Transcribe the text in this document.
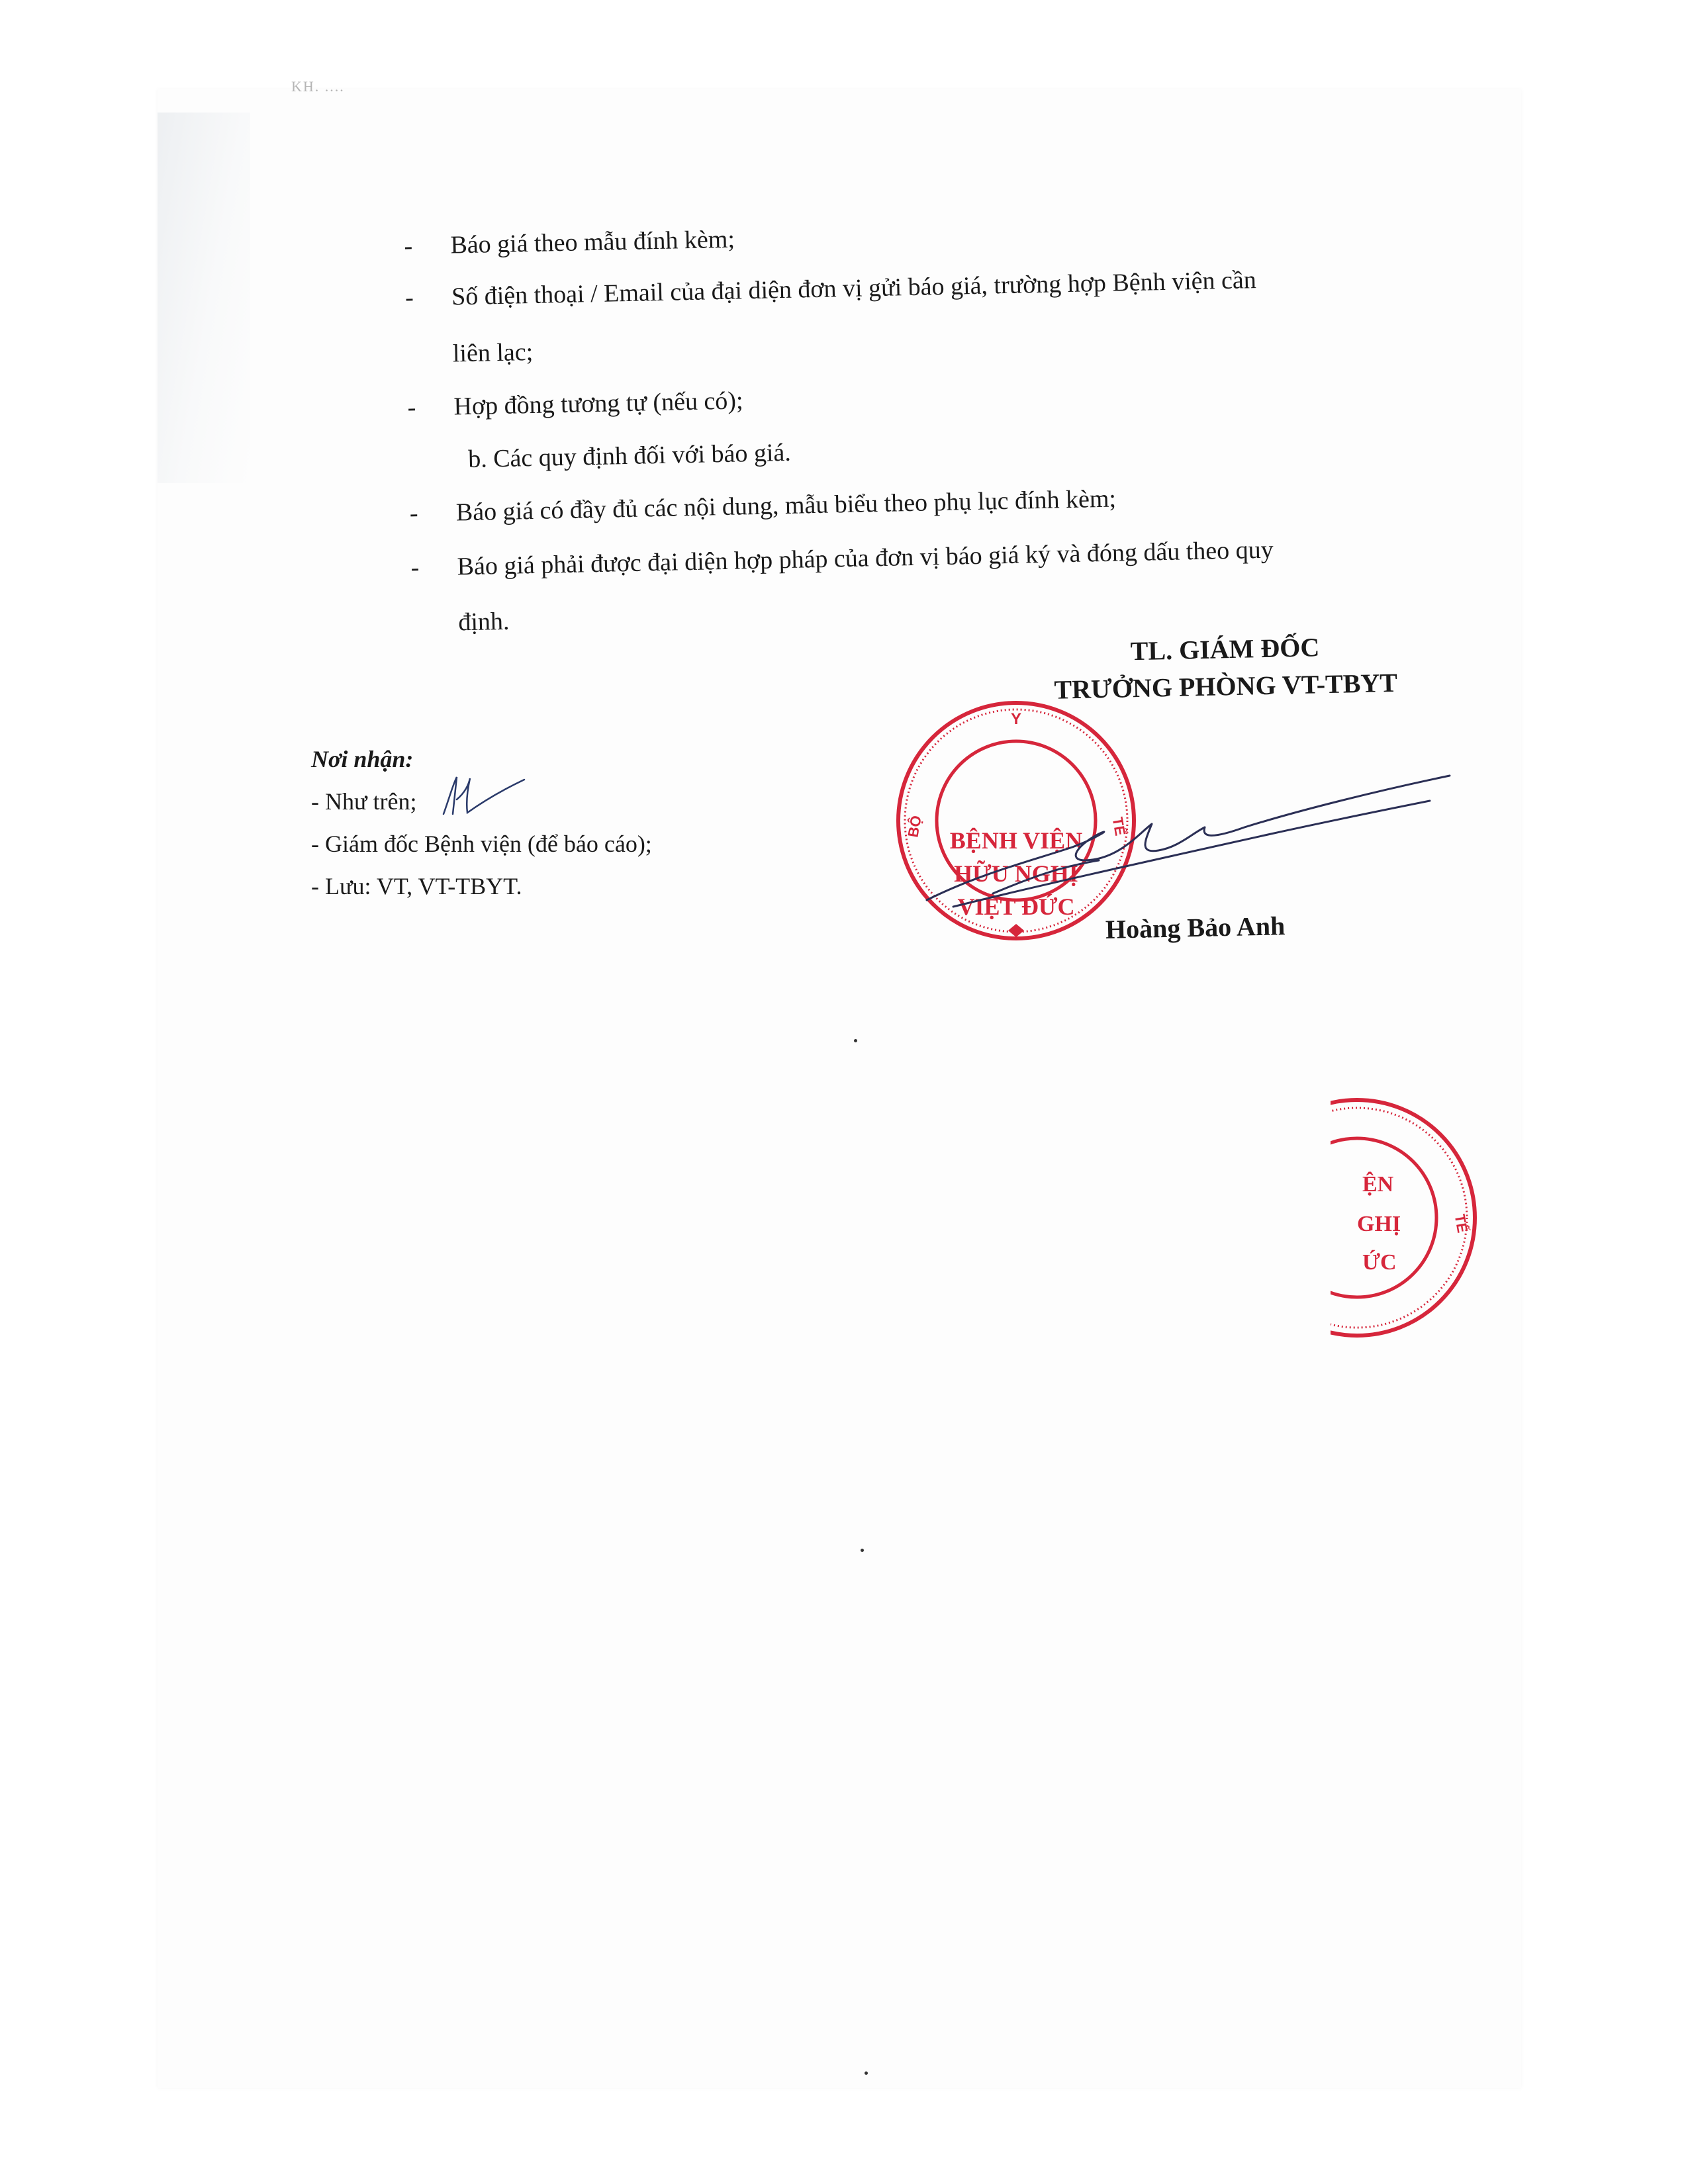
KH. ....
-	Báo giá theo mẫu đính kèm;
-	Số điện thoại / Email của đại diện đơn vị gửi báo giá, trường hợp Bệnh viện cần
liên lạc;
-	Hợp đồng tương tự (nếu có);
b. Các quy định đối với báo giá.
-	Báo giá có đầy đủ các nội dung, mẫu biểu theo phụ lục đính kèm;
-	Báo giá phải được đại diện hợp pháp của đơn vị báo giá ký và đóng dấu theo quy
định.
TL. GIÁM ĐỐC
TRƯỞNG PHÒNG VT-TBYT
Nơi nhận:
- Như trên;
- Giám đốc Bệnh viện (để báo cáo);
- Lưu: VT, VT-TBYT.
BỆNH VIỆN
HỮU NGHỊ
VIỆT ĐỨC
Y
BỘ	TẾ
Hoàng Bảo Anh
ỆN
GHỊ
ỨC
TẾ
